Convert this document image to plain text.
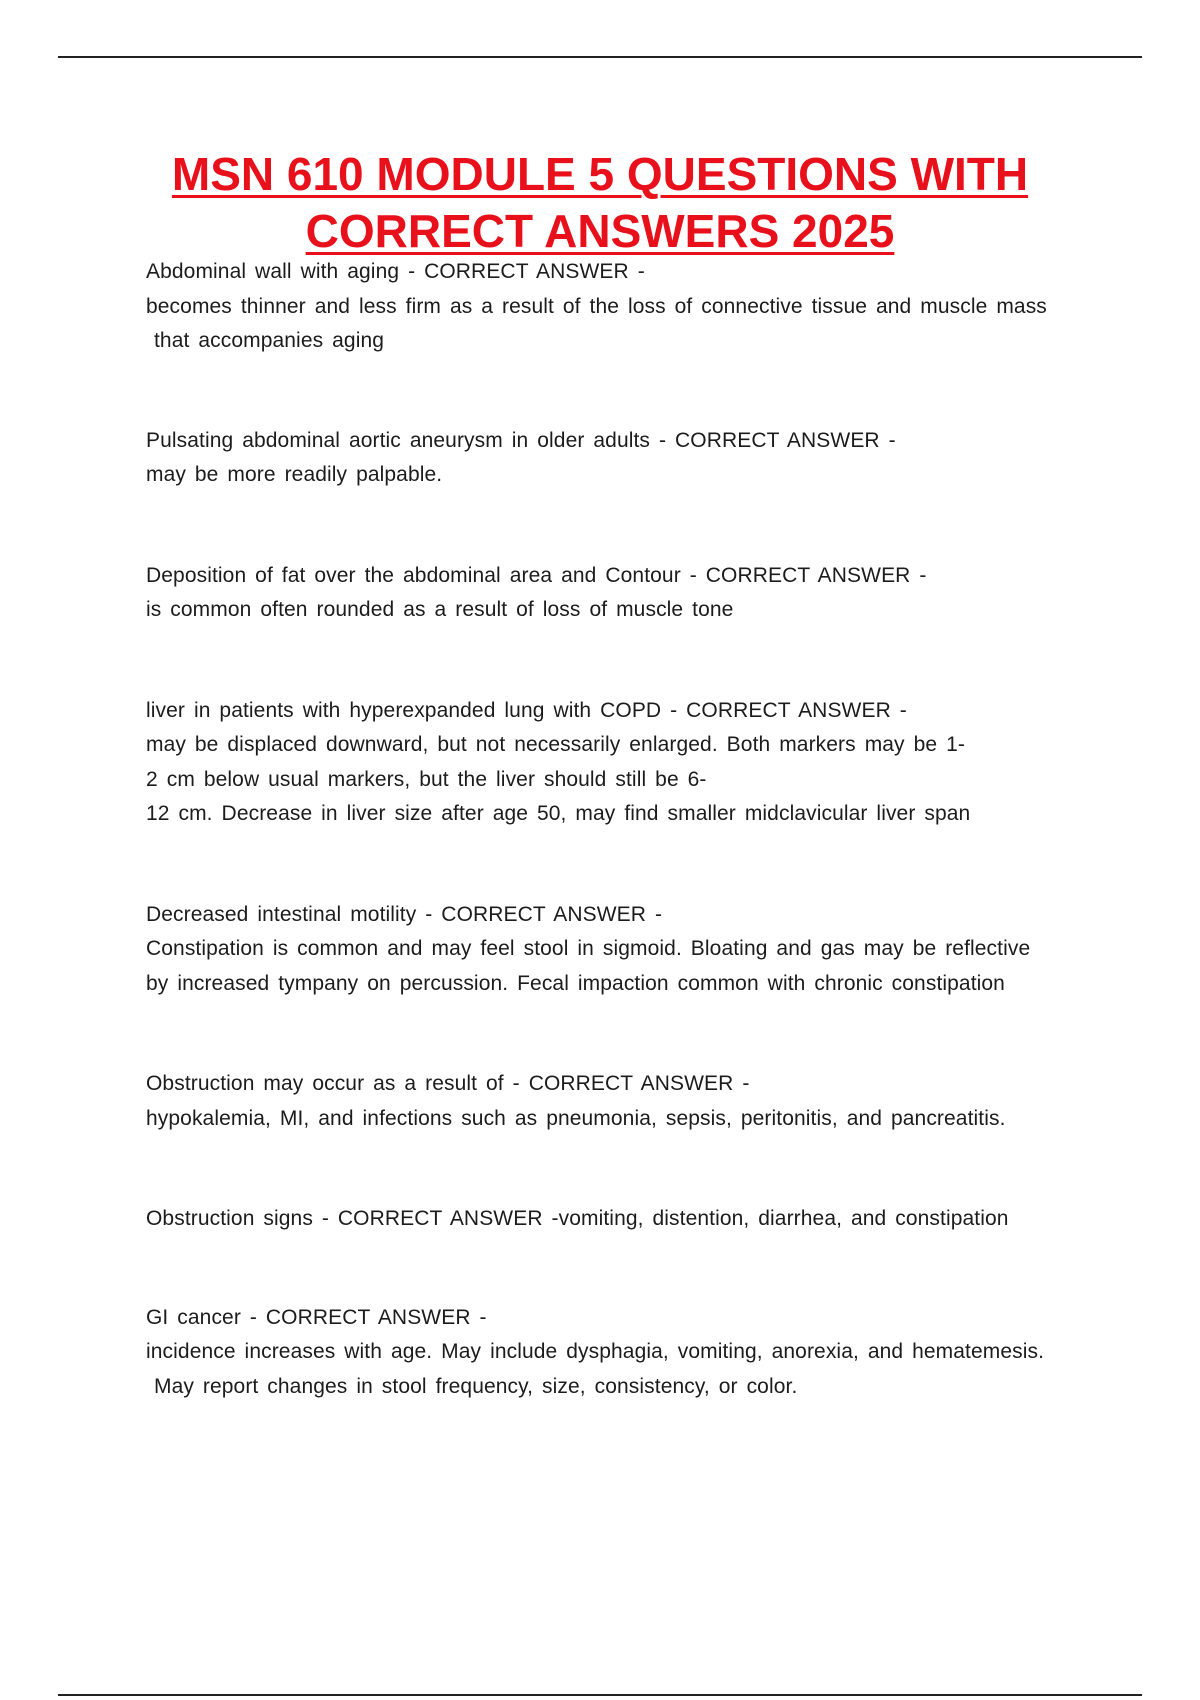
MSN 610 MODULE 5 QUESTIONS WITH
CORRECT ANSWERS 2025

Abdominal wall with aging - CORRECT ANSWER -

becomes thinner and less firm as a result of the loss of connective tissue and muscle mass

that accompanies aging

Pulsating abdominal aortic aneurysm in older adults - CORRECT ANSWER -

may be more readily palpable.

Deposition of fat over the abdominal area and Contour - CORRECT ANSWER -

is common often rounded as a result of loss of muscle tone

liver in patients with hyperexpanded lung with COPD - CORRECT ANSWER -

may be displaced downward, but not necessarily enlarged. Both markers may be 1-

2 cm below usual markers, but the liver should still be 6-

12 cm. Decrease in liver size after age 50, may find smaller midclavicular liver span

Decreased intestinal motility - CORRECT ANSWER -

Constipation is common and may feel stool in sigmoid. Bloating and gas may be reflective

by increased tympany on percussion. Fecal impaction common with chronic constipation

Obstruction may occur as a result of - CORRECT ANSWER -

hypokalemia, MI, and infections such as pneumonia, sepsis, peritonitis, and pancreatitis.

Obstruction signs - CORRECT ANSWER -vomiting, distention, diarrhea, and constipation

GI cancer - CORRECT ANSWER -

incidence increases with age. May include dysphagia, vomiting, anorexia, and hematemesis.

May report changes in stool frequency, size, consistency, or color.
